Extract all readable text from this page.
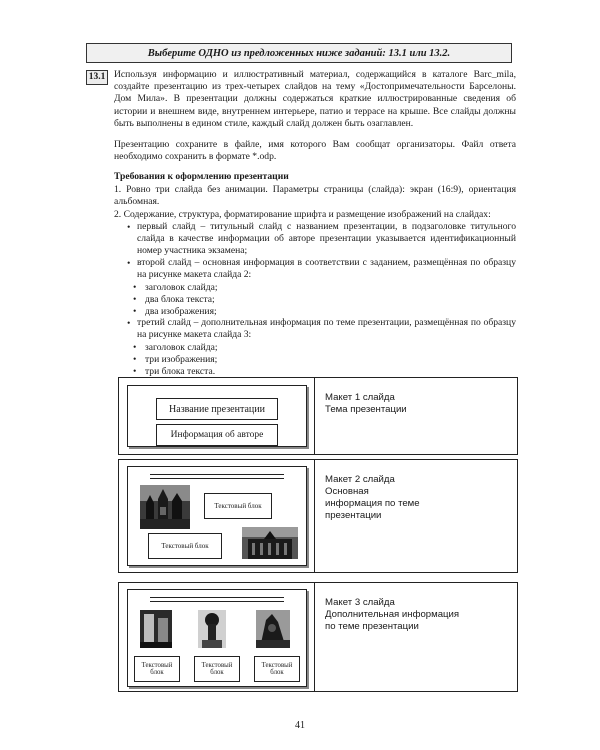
Выберите ОДНО из предложенных ниже заданий: 13.1 или 13.2.
13.1 Используя информацию и иллюстративный материал, содержащийся в каталоге Barc_mila, создайте презентацию из трех-четырех слайдов на тему «Достопримечательности Барселоны. Дом Мила». В презентации должны содержаться краткие иллюстрированные сведения об истории и внешнем виде, внутреннем интерьере, патио и террасе на крыше. Все слайды должны быть выполнены в едином стиле, каждый слайд должен быть озаглавлен.

Презентацию сохраните в файле, имя которого Вам сообщат организаторы. Файл ответа необходимо сохранить в формате *.odp.

Требования к оформлению презентации
1. Ровно три слайда без анимации. Параметры страницы (слайда): экран (16:9), ориентация альбомная.
2. Содержание, структура, форматирование шрифта и размещение изображений на слайдах:
• первый слайд – титульный слайд с названием презентации, в подзаголовке титульного слайда в качестве информации об авторе презентации указывается идентификационный номер участника экзамена;
• второй слайд – основная информация в соответствии с заданием, размещённая по образцу на рисунке макета слайда 2:
• заголовок слайда;
• два блока текста;
• два изображения;
• третий слайд – дополнительная информация по теме презентации, размещённая по образцу на рисунке макета слайда 3:
• заголовок слайда;
• три изображения;
• три блока текста.
Название презентации
Информация об авторе
Макет 1 слайда
Тема презентации
Текстовый блок
Текстовый блок
Макет 2 слайда
Основная
информация по теме
презентации
Текстовый блок
Текстовый блок
Текстовый блок
Макет 3 слайда
Дополнительная информация
по теме презентации
41
